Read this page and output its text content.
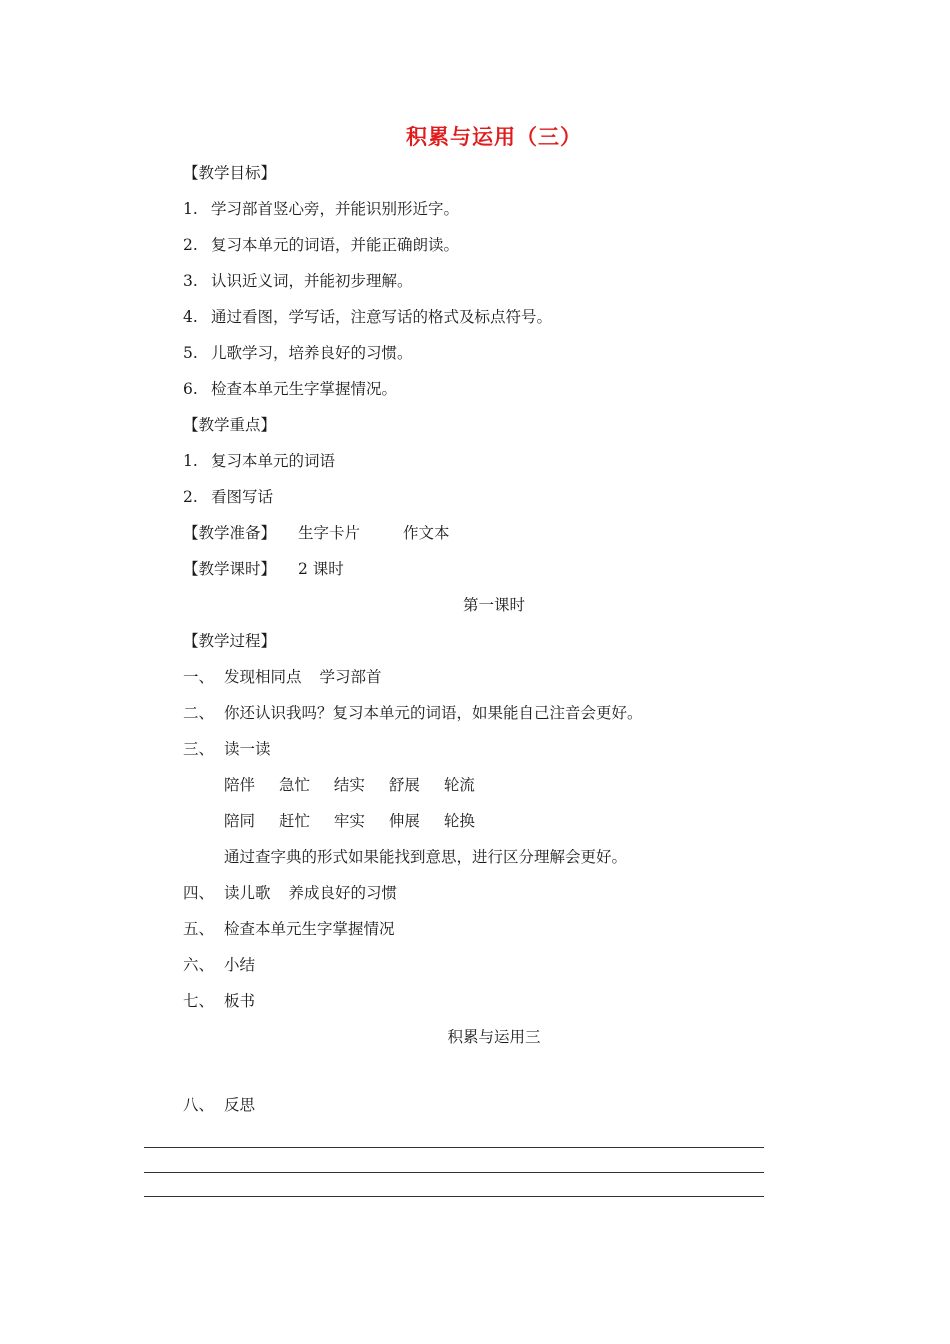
积累与运用（三）
【教学目标】
1. 学习部首竖心旁，并能识别形近字。
2. 复习本单元的词语，并能正确朗读。
3. 认识近义词，并能初步理解。
4. 通过看图，学写话，注意写话的格式及标点符号。
5. 儿歌学习，培养良好的习惯。
6. 检查本单元生字掌握情况。
【教学重点】
1. 复习本单元的词语
2. 看图写话
【教学准备】 生字卡片	作文本
【教学课时】 2 课时
第一课时
【教学过程】
一、 发现相同点 学习部首
二、 你还认识我吗？复习本单元的词语，如果能自己注音会更好。
三、 读一读
陪伴 急忙 结实 舒展 轮流
陪同 赶忙 牢实 伸展 轮换
通过查字典的形式如果能找到意思，进行区分理解会更好。
四、 读儿歌 养成良好的习惯
五、 检查本单元生字掌握情况
六、 小结
七、 板书
积累与运用三
八、 反思
